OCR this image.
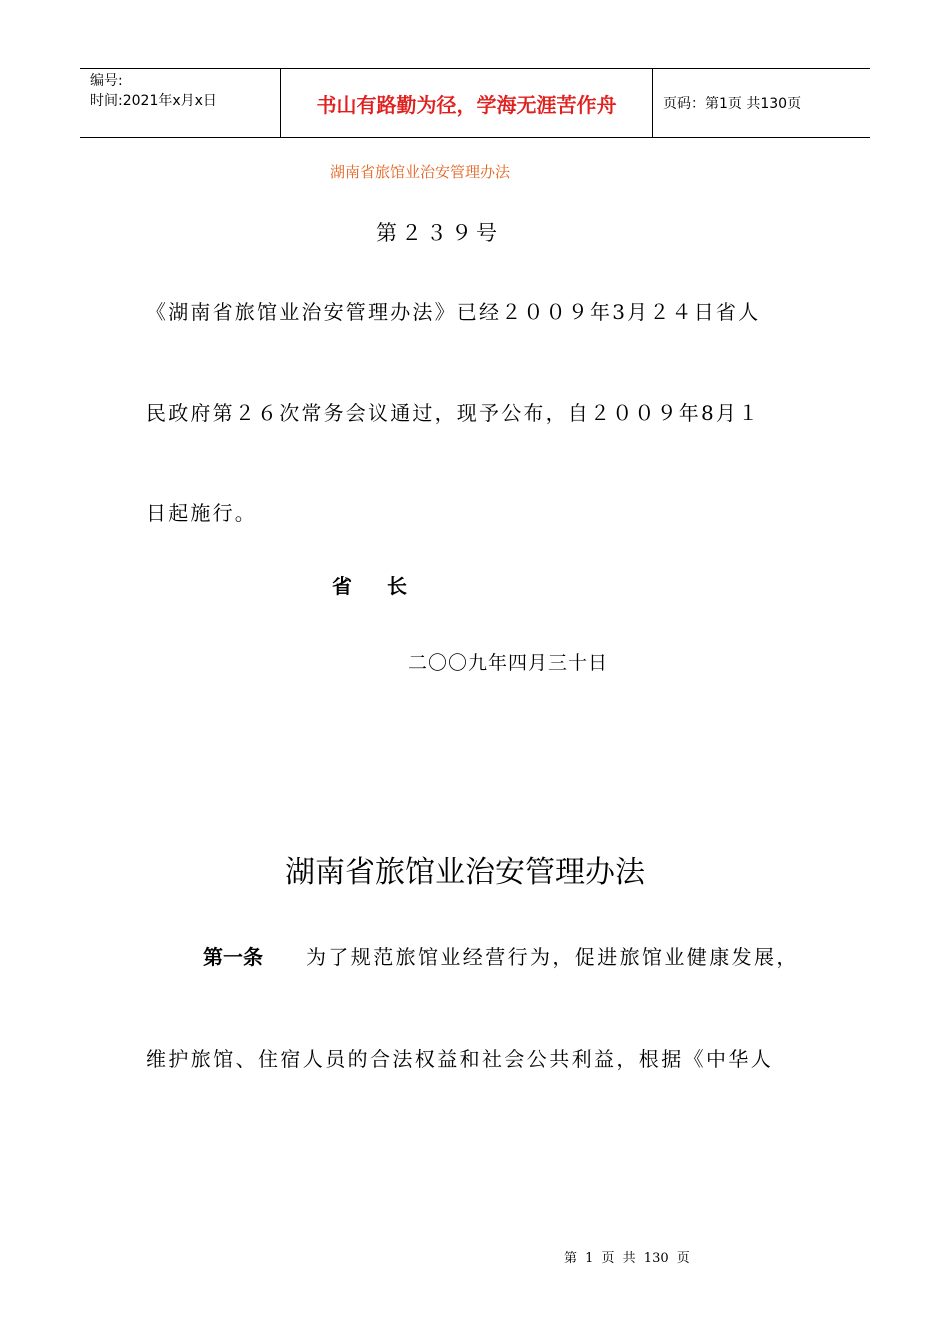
编号:
时间:2021年x月x日	书山有路勤为径，学海无涯苦作舟	页码：第1页 共130页
湖南省旅馆业治安管理办法
第２３９号
《湖南省旅馆业治安管理办法》已经２００９年3月２４日省人
民政府第２６次常务会议通过，现予公布，自２００９年8月１
日起施行。
省 长
二〇〇九年四月三十日
湖南省旅馆业治安管理办法
第一条 为了规范旅馆业经营行为，促进旅馆业健康发展，
维护旅馆、住宿人员的合法权益和社会公共利益，根据《中华人
第 1 页 共 130 页
